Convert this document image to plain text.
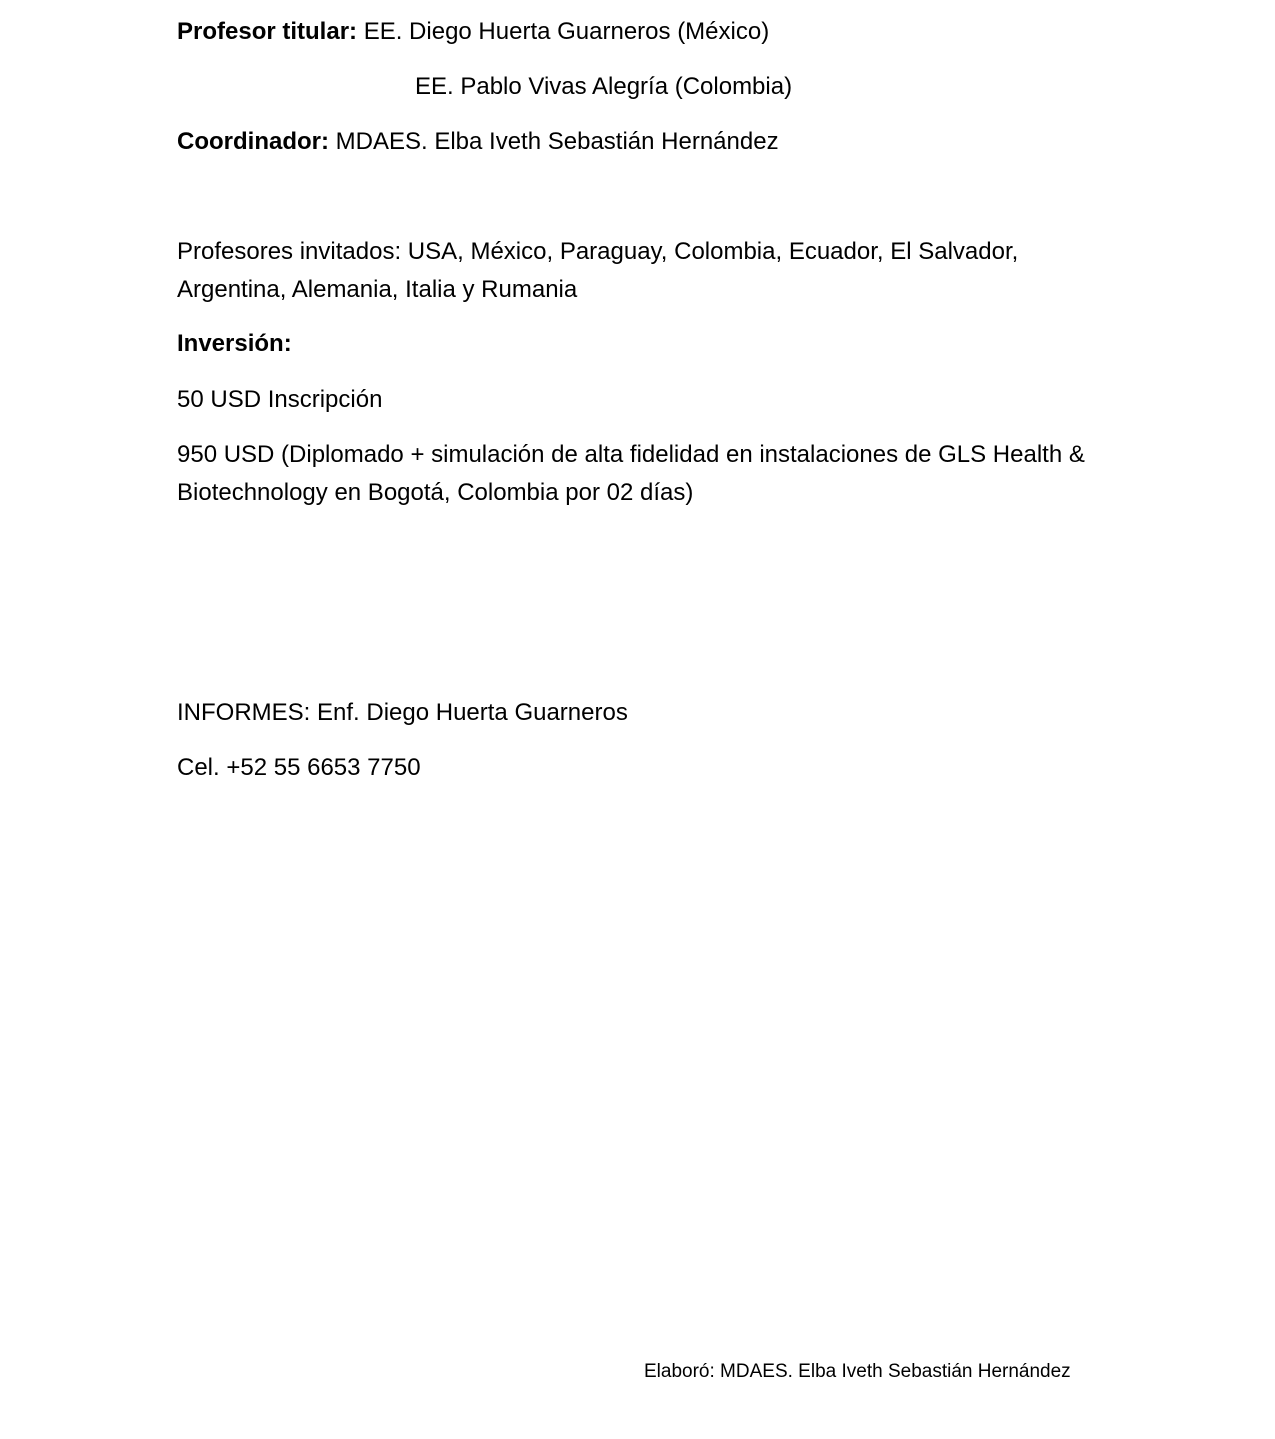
Profesor titular: EE. Diego Huerta Guarneros (México)

EE. Pablo Vivas Alegría (Colombia)

Coordinador: MDAES. Elba Iveth Sebastián Hernández

Profesores invitados: USA, México, Paraguay, Colombia, Ecuador, El Salvador, Argentina, Alemania, Italia y Rumania

Inversión:

50 USD Inscripción

950 USD (Diplomado + simulación de alta fidelidad en instalaciones de GLS Health & Biotechnology en Bogotá, Colombia por 02 días)

INFORMES: Enf. Diego Huerta Guarneros

Cel. +52 55 6653 7750

Elaboró: MDAES. Elba Iveth Sebastián Hernández
